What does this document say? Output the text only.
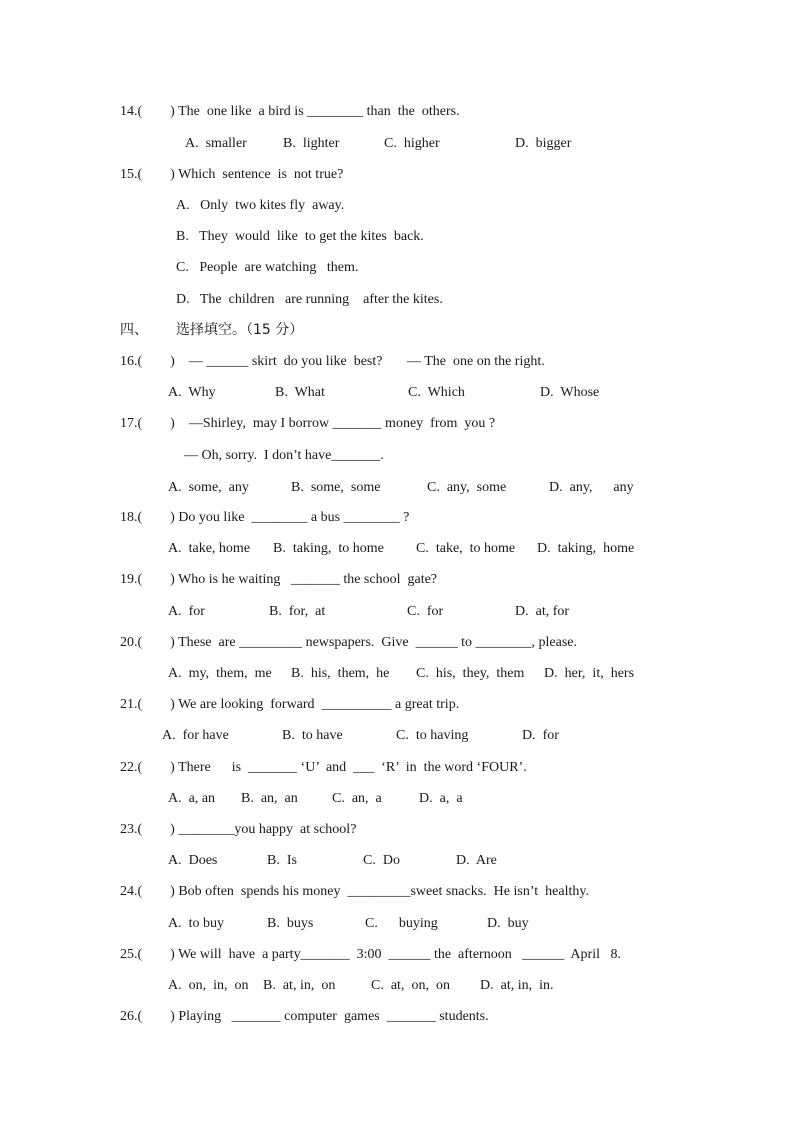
14.(        ) The  one like  a bird is ________ than  the  others.
A.  smaller	B.  lighter	C.  higher	D.  bigger
15.(        ) Which  sentence  is  not true?
A.   Only  two kites fly  away.
B.   They  would  like  to get the kites  back.
C.   People  are watching   them.
D.   The  children   are running    after the kites.
四、 选择填空。（15 分）
16.(        )    — ______ skirt  do you like  best?       — The  one on the right.
A.  Why	B.  What	C.  Which	D.  Whose
17.(        )    —Shirley,  may I borrow _______ money  from  you ?
— Oh, sorry.  I don’t have_______.
A.  some,  any	B.  some,  some	C.  any,  some	D.  any,      any
18.(        ) Do you like  ________ a bus ________ ?
A.  take, home B.  taking,  to home C.  take,  to home D.  taking,  home
19.(        ) Who is he waiting   _______ the school  gate?
A.  for	B.  for,  at	C.  for	D.  at, for
20.(        ) These  are _________ newspapers.  Give  ______ to ________, please.
A.  my,  them,  me B.  his,  them,  he C.  his,  they,  them D.  her,  it,  hers
21.(        ) We are looking  forward  __________ a great trip.
A.  for have	B.  to have	C.  to having	D.  for
22.(        ) There      is  _______ ‘U’  and  ___  ‘R’  in  the word ‘FOUR’.
A.  a, an B.  an,  an C.  an,  a	D.  a,  a
23.(        ) ________you happy  at school?
A.  Does	B.  Is	C.  Do	D.  Are
24.(        ) Bob often  spends his money  _________sweet snacks.  He isn’t  healthy.
A.  to buy	B.  buys	C.      buying	D.  buy
25.(        ) We will  have  a party_______  3:00  ______ the  afternoon   ______  April   8.
A.  on,  in,  on B.  at, in,  on	C.  at,  on,  on D.  at, in,  in.
26.(        ) Playing   _______ computer  games  _______ students.
